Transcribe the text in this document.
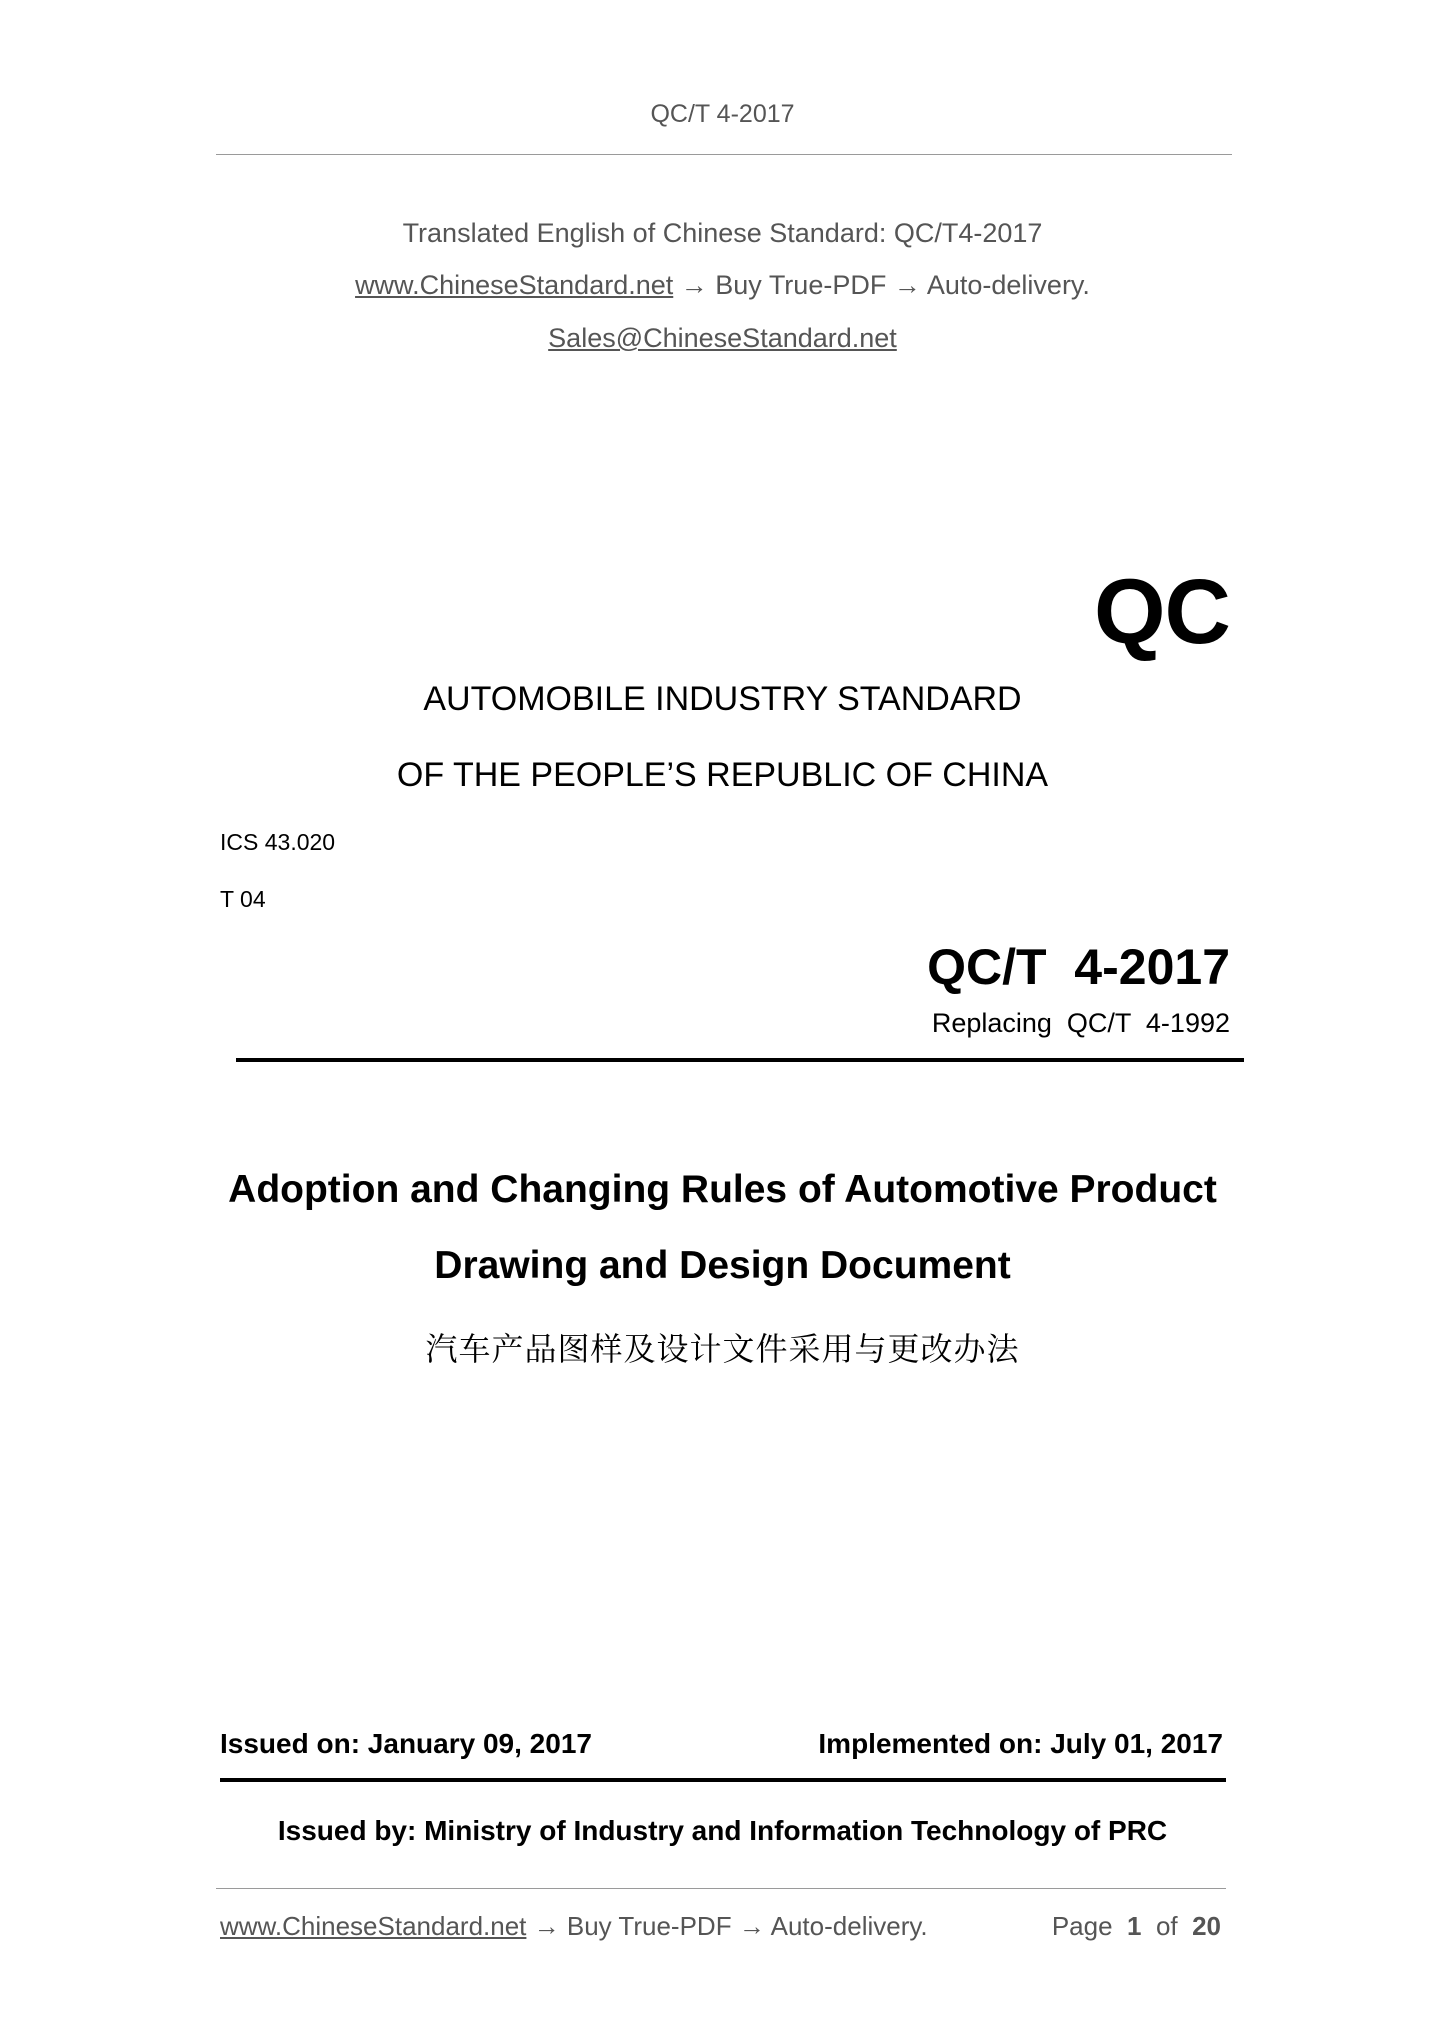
QC/T 4-2017
Translated English of Chinese Standard: QC/T4-2017
www.ChineseStandard.net → Buy True-PDF → Auto-delivery.
Sales@ChineseStandard.net
QC
AUTOMOBILE INDUSTRY STANDARD
OF THE PEOPLE’S REPUBLIC OF CHINA
ICS 43.020
T 04
QC/T  4-2017
Replacing  QC/T  4-1992
Adoption and Changing Rules of Automotive Product
Drawing and Design Document
汽车产品图样及设计文件采用与更改办法
Issued on: January 09, 2017	Implemented on: July 01, 2017
Issued by: Ministry of Industry and Information Technology of PRC
www.ChineseStandard.net → Buy True-PDF → Auto-delivery.	Page 1 of 20
